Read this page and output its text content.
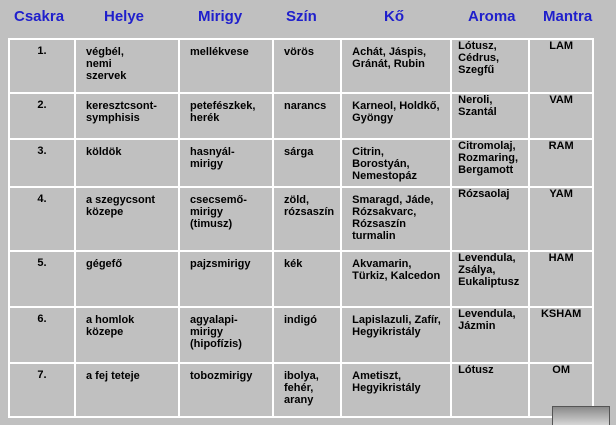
Csakra	Helye	Mirigy	Szín	Kő	Aroma Mantra
1.	végbél,
nemi
szervek	mellékvese	vörös	Achát, Jáspis,
Gránát, Rubin	Lótusz,
Cédrus,
Szegfű	LAM

2.	keresztcsont-
symphisis	petefészkek,
herék	narancs	Karneol, Holdkő,
Gyöngy	Neroli,
Szantál	VAM

3.	köldök	hasnyál-
mirigy	sárga	Citrin, Borostyán,
Nemestopáz	Citromolaj,
Rozmaring,
Bergamott	RAM

4.	a szegycsont
közepe	csecsemő-
mirigy
(timusz)	zöld,
rózsaszín	Smaragd, Jáde,
Rózsakvarc,
Rózsaszín
turmalin	Rózsaolaj	YAM

5.	gégefő	pajzsmirigy	kék	Akvamarin,
Türkiz, Kalcedon	Levendula,
Zsálya,
Eukaliptusz	HAM

6.	a homlok
közepe	agyalapi-
mirigy
(hipofízis)	indigó	Lapislazuli, Zafír,
Hegyikristály	Levendula,
Jázmin	KSHAM

7.	a fej teteje	tobozmirigy	ibolya,
fehér,
arany	Ametiszt,
Hegyikristály	Lótusz	OM
